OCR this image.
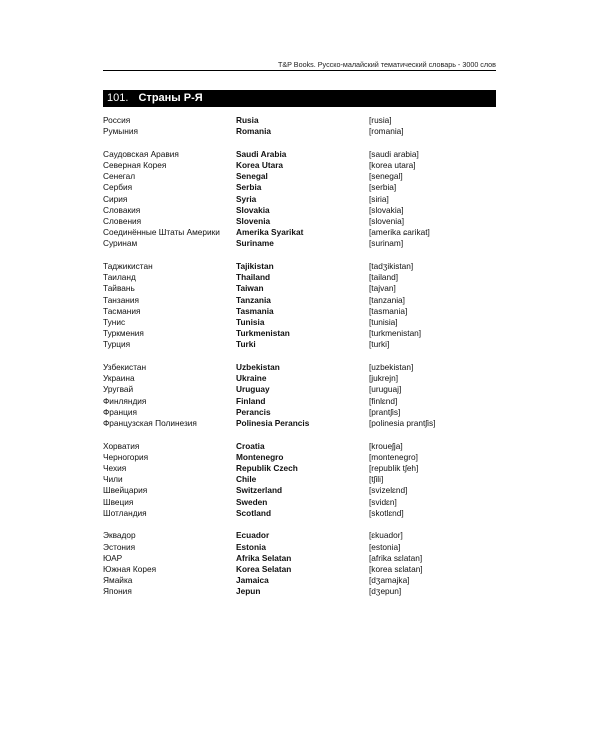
T&P Books. Русско-малайский тематический словарь - 3000 слов
101. Страны Р-Я
Россия	Rusia	[rusia]
Румыния	Romania	[romania]
Саудовская Аравия	Saudi Arabia	[saudi arabia]
Северная Корея	Korea Utara	[korea utara]
Сенегал	Senegal	[senegal]
Сербия	Serbia	[serbia]
Сирия	Syria	[siria]
Словакия	Slovakia	[slovakia]
Словения	Slovenia	[slovenia]
Соединённые Штаты Америки	Amerika Syarikat	[amerika ɕarikat]
Суринам	Suriname	[surinam]
Таджикистан	Tajikistan	[tadʒikistan]
Таиланд	Thailand	[tailand]
Тайвань	Taiwan	[tajvan]
Танзания	Tanzania	[tanzania]
Тасмания	Tasmania	[tasmania]
Тунис	Tunisia	[tunisia]
Туркмения	Turkmenistan	[turkmenistan]
Турция	Turki	[turki]
Узбекистан	Uzbekistan	[uzbekistan]
Украина	Ukraine	[jukrejn]
Уругвай	Uruguay	[uruguaj]
Финляндия	Finland	[finlɛnd]
Франция	Perancis	[prantʃis]
Французская Полинезия	Polinesia Perancis	[polinesia prantʃis]
Хорватия	Croatia	[kroueʃja]
Черногория	Montenegro	[montenegro]
Чехия	Republik Czech	[republik tʃeh]
Чили	Chile	[tʃili]
Швейцария	Switzerland	[svizelɛnd]
Швеция	Sweden	[svidɛn]
Шотландия	Scotland	[skotlɛnd]
Эквадор	Ecuador	[ɛkuador]
Эстония	Estonia	[estonia]
ЮАР	Afrika Selatan	[afrika sɛlatan]
Южная Корея	Korea Selatan	[korea sɛlatan]
Ямайка	Jamaica	[dʒamajka]
Япония	Jepun	[dʒepun]
